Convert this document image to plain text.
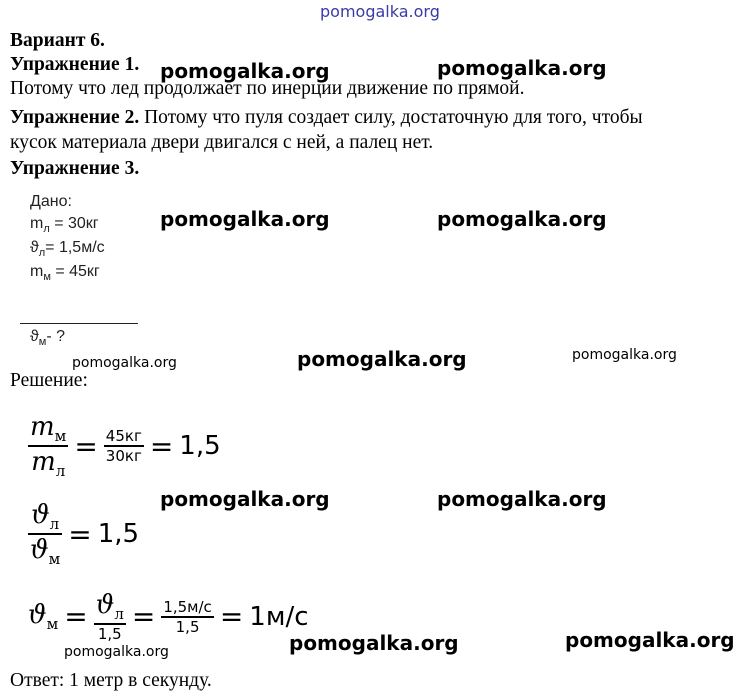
pomogalka.org
Вариант 6.
Упражнение 1.
Потому что лед продолжает по инерции движение по прямой.
Упражнение 2. Потому что пуля создает силу, достаточную для того, чтобы
кусок материала двери двигался с ней, а палец нет.
Упражнение 3.
Дано:
$m_л = 30кг$
$ϑ_л= 1,5м/с$
$m_м = 45кг$
$ϑ_м-$ ?
Решение:
$\frac{m_м}{m_л} = \frac{45кг}{30кг} = 1,5$
$\frac{ϑ_л}{ϑ_м} = 1,5$
$ϑ_м = \frac{ϑ_л}{1,5} = \frac{1,5м/с}{1,5} = 1м/с$
Ответ: 1 метр в секунду.
pomogalka.org	pomogalka.org
pomogalka.org	pomogalka.org
pomogalka.org	pomogalka.org	pomogalka.org
pomogalka.org	pomogalka.org
pomogalka.org	pomogalka.org
pomogalka.org
